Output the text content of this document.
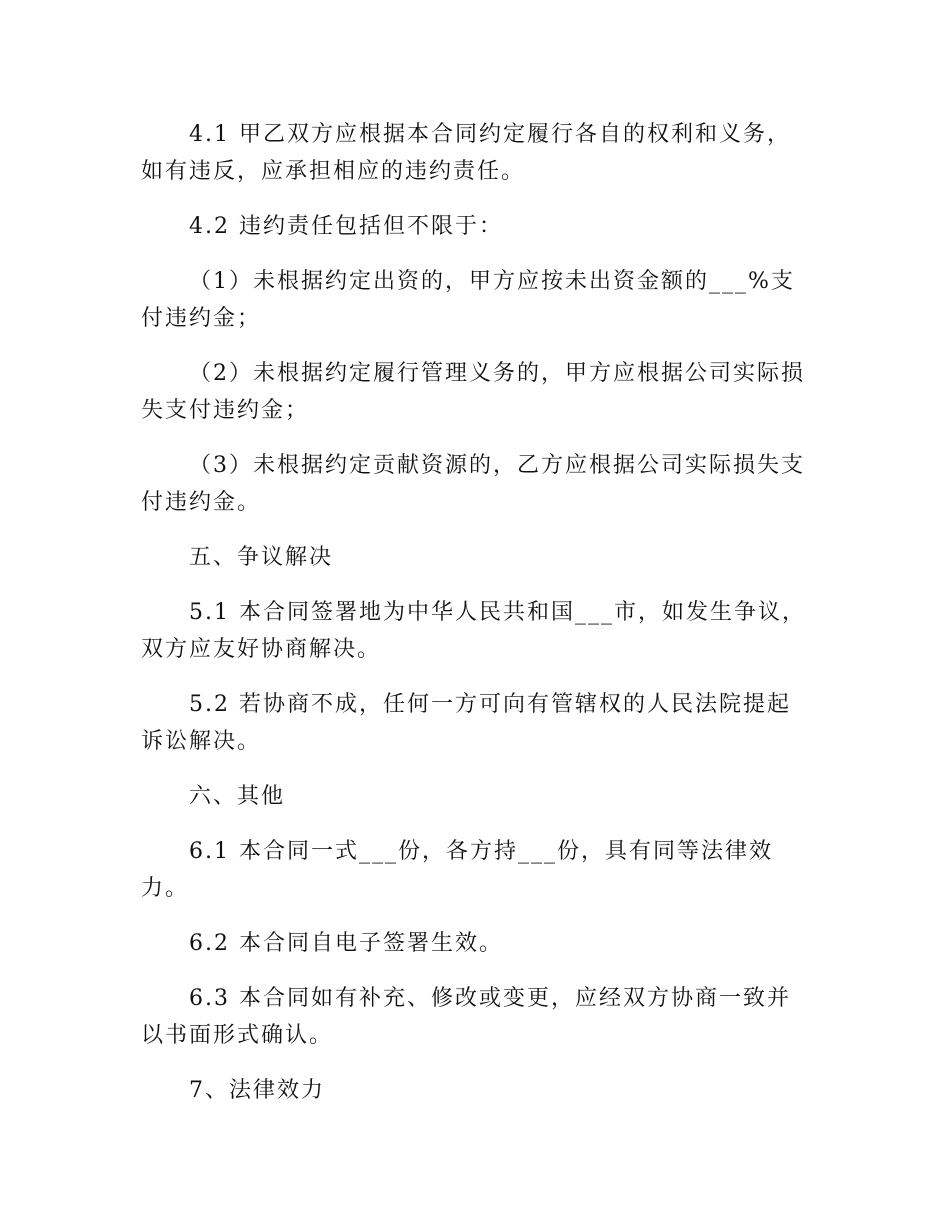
4.1 甲乙双方应根据本合同约定履行各自的权利和义务，如有违反，应承担相应的违约责任。

4.2 违约责任包括但不限于：

（1）未根据约定出资的，甲方应按未出资金额的___%支付违约金；

（2）未根据约定履行管理义务的，甲方应根据公司实际损失支付违约金；

（3）未根据约定贡献资源的，乙方应根据公司实际损失支付违约金。

五、争议解决

5.1 本合同签署地为中华人民共和国___市，如发生争议，双方应友好协商解决。

5.2 若协商不成，任何一方可向有管辖权的人民法院提起诉讼解决。

六、其他

6.1 本合同一式___份，各方持___份，具有同等法律效力。

6.2 本合同自电子签署生效。

6.3 本合同如有补充、修改或变更，应经双方协商一致并以书面形式确认。

7、法律效力
